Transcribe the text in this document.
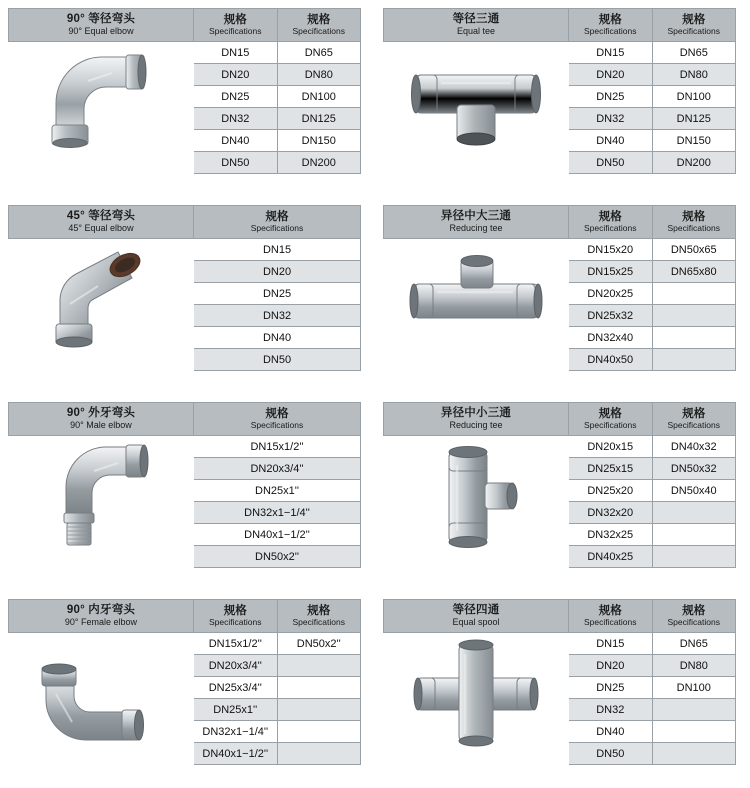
90° 等径弯头
90° Equal elbow
规格
Specifications
DN15
DN20
DN25
DN32
DN40
DN50
规格
Specifications
DN65
DN80
DN100
DN125
DN150
DN200
等径三通
Equal tee
规格
Specifications
DN15
DN20
DN25
DN32
DN40
DN50
规格
Specifications
DN65
DN80
DN100
DN125
DN150
DN200
45° 等径弯头
45° Equal elbow
规格
Specifications
DN15
DN20
DN25
DN32
DN40
DN50
异径中大三通
Reducing tee
规格
Specifications
DN15x20
DN15x25
DN20x25
DN25x32
DN32x40
DN40x50
规格
Specifications
DN50x65
DN65x80
90° 外牙弯头
90° Male elbow
规格
Specifications
DN15x1/2''
DN20x3/4''
DN25x1''
DN32x1−1/4''
DN40x1−1/2''
DN50x2''
异径中小三通
Reducing tee
规格
Specifications
DN20x15
DN25x15
DN25x20
DN32x20
DN32x25
DN40x25
规格
Specifications
DN40x32
DN50x32
DN50x40
90° 内牙弯头
90° Female elbow
规格
Specifications
DN15x1/2''
DN20x3/4''
DN25x3/4''
DN25x1''
DN32x1−1/4''
DN40x1−1/2''
规格
Specifications
DN50x2''
等径四通
Equal spool
规格
Specifications
DN15
DN20
DN25
DN32
DN40
DN50
规格
Specifications
DN65
DN80
DN100
